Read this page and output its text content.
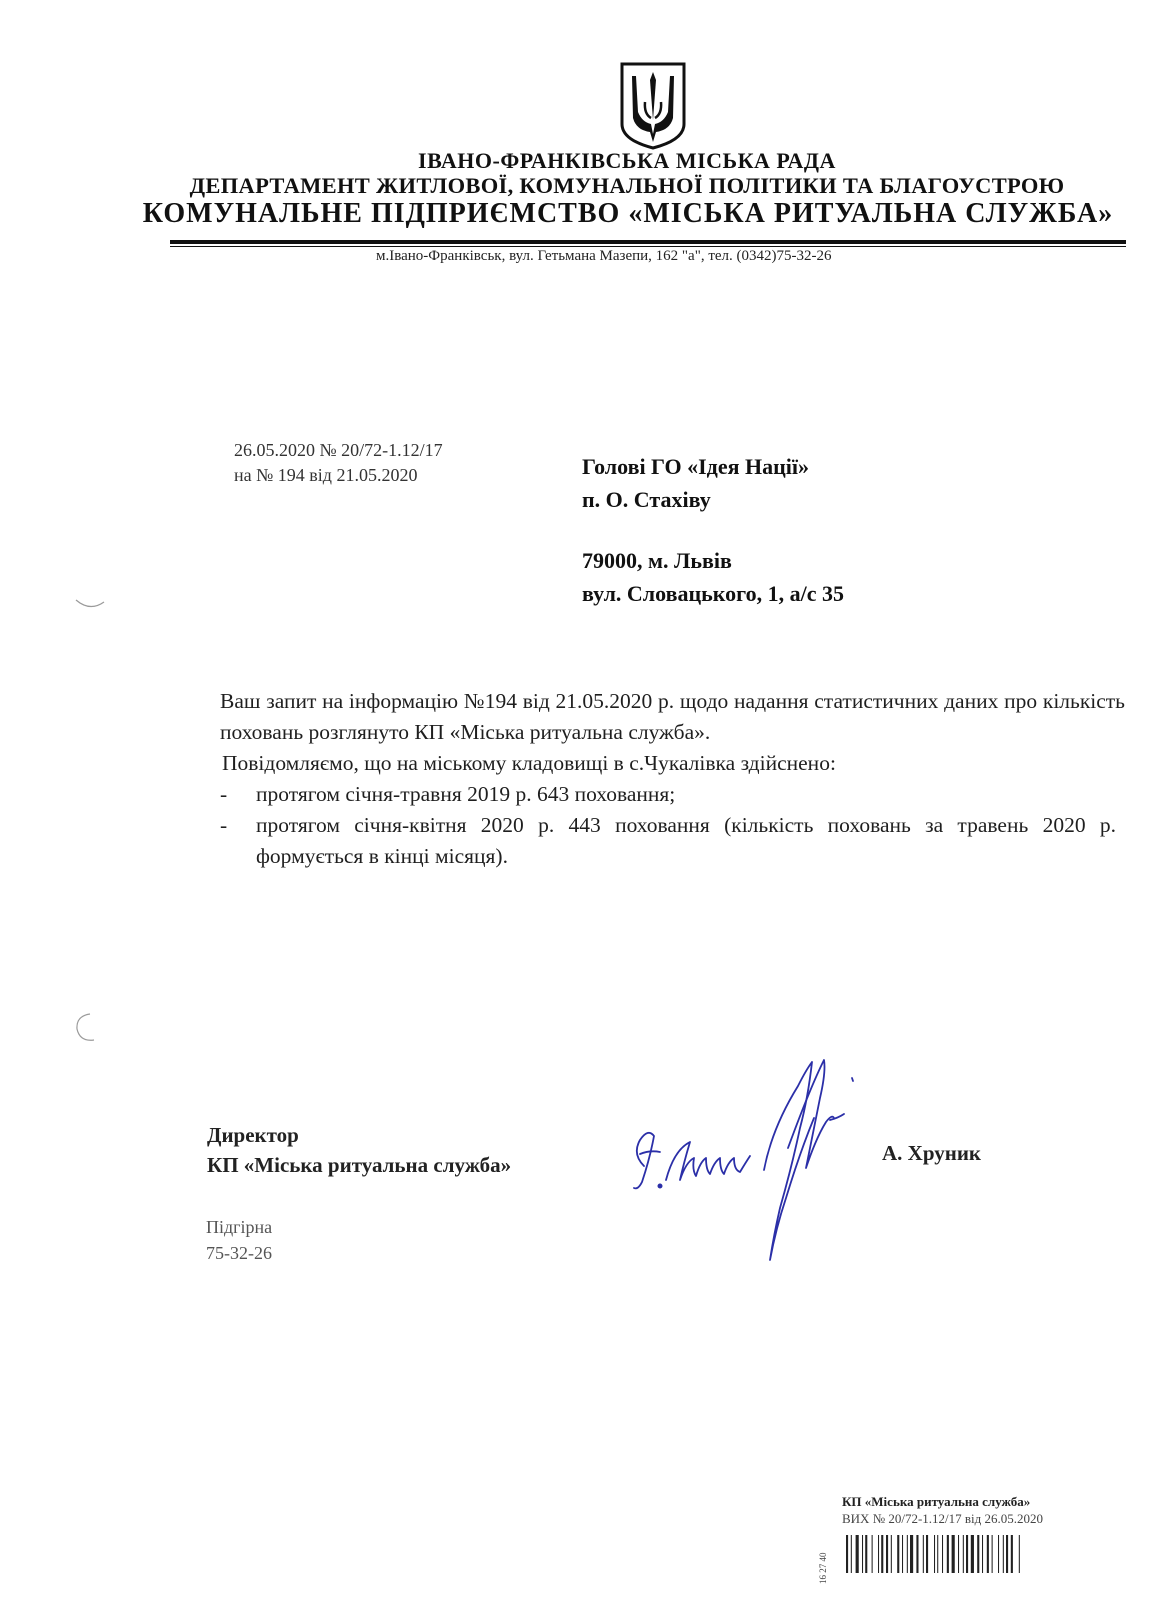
ІВАНО-ФРАНКІВСЬКА МІСЬКА РАДА
ДЕПАРТАМЕНТ ЖИТЛОВОЇ, КОМУНАЛЬНОЇ ПОЛІТИКИ ТА БЛАГОУСТРОЮ
КОМУНАЛЬНЕ ПІДПРИЄМСТВО «МІСЬКА РИТУАЛЬНА СЛУЖБА»
м.Івано-Франківськ, вул. Гетьмана Мазепи, 162 "а", тел. (0342)75-32-26
26.05.2020 № 20/72-1.12/17
на № 194 від 21.05.2020	Голові ГО «Ідея Нації»
п. О. Стахіву
79000, м. Львів
вул. Словацького, 1, а/с 35
Ваш запит на інформацію №194 від 21.05.2020 р. щодо надання статистичних даних про кількість поховань розглянуто КП «Міська ритуальна служба».
Повідомляємо, що на міському кладовищі в с.Чукалівка здійснено:
- протягом січня-травня 2019 р. 643 поховання;
- протягом січня-квітня 2020 р. 443 поховання (кількість поховань за травень 2020 р. формується в кінці місяця).
Директор
КП «Міська ритуальна служба»	А. Хруник
Підгірна
75-32-26
КП «Міська ритуальна служба»
ВИХ № 20/72-1.12/17 від 26.05.2020
16 27 40
